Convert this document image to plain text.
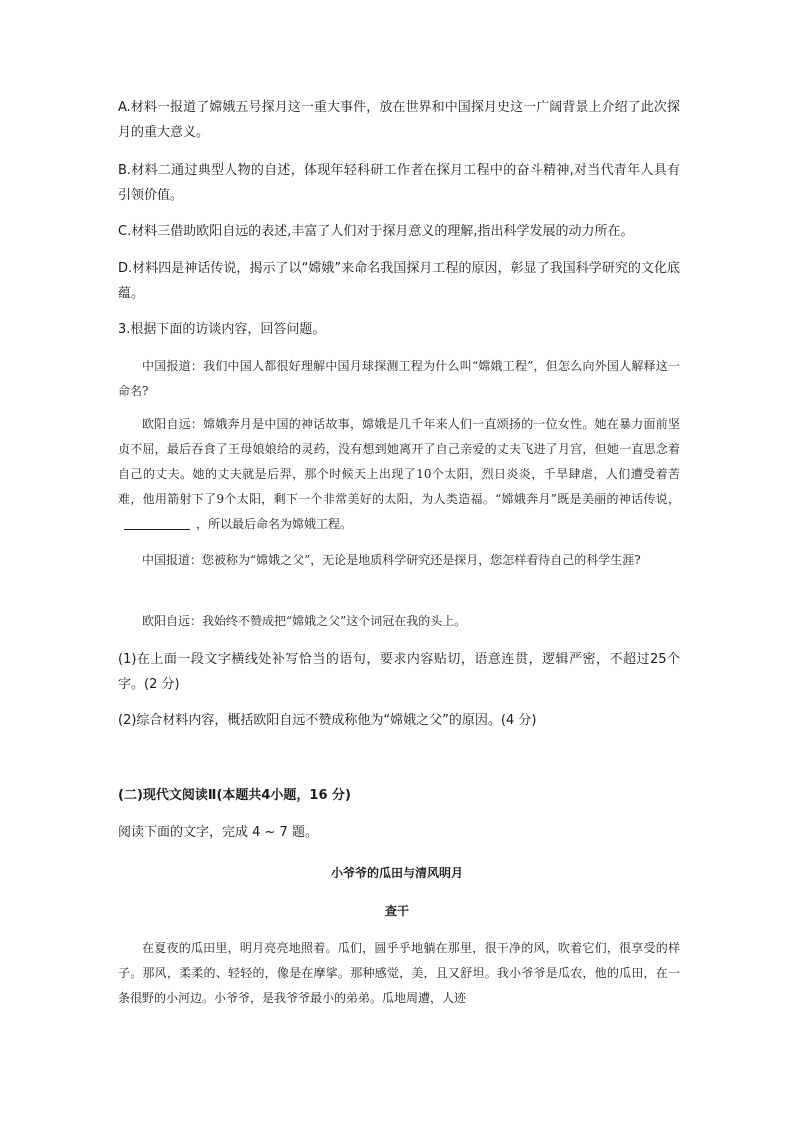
A.材料一报道了嫦娥五号探月这一重大事件，放在世界和中国探月史这一广阔背景上介绍了此次探月的重大意义。

B.材料二通过典型人物的自述，体现年轻科研工作者在探月工程中的奋斗精神,对当代青年人具有引领价值。

C.材料三借助欧阳自远的表述,丰富了人们对于探月意义的理解,指出科学发展的动力所在。

D.材料四是神话传说，揭示了以“嫦娥”来命名我国探月工程的原因，彰显了我国科学研究的文化底蕴。

3.根据下面的访谈内容，回答问题。

中国报道：我们中国人都很好理解中国月球探测工程为什么叫“嫦娥工程”，但怎么向外国人解释这一命名?

欧阳自远：嫦娥奔月是中国的神话故事，嫦娥是几千年来人们一直颂扬的一位女性。她在暴力面前坚贞不屈，最后吞食了王母娘娘给的灵药，没有想到她离开了自己亲爱的丈夫飞进了月宫，但她一直思念着自己的丈夫。她的丈夫就是后羿，那个时候天上出现了10个太阳，烈日炎炎，千旱肆虐，人们遭受着苦难，他用箭射下了9个太阳，剩下一个非常美好的太阳，为人类造福。“嫦娥奔月”既是美丽的神话传说，，所以最后命名为嫦娥工程。

中国报道：您被称为“嫦娥之父”，无论是地质科学研究还是探月，您怎样看待自己的科学生涯?

欧阳自远：我始终不赞成把“嫦娥之父”这个词冠在我的头上。

(1)在上面一段文字横线处补写恰当的语句，要求内容贴切，语意连贯，逻辑严密，不超过25个字。(2 分)

(2)综合材料内容，概括欧阳自远不赞成称他为“嫦娥之父”的原因。(4 分)

(二)现代文阅读Ⅱ(本题共4小题，16 分)

阅读下面的文字，完成 4 ~ 7 题。

小爷爷的瓜田与清风明月

查干

在夏夜的瓜田里，明月亮亮地照着。瓜们，圆乎乎地躺在那里，很干净的风，吹着它们，很享受的样子。那风，柔柔的、轻轻的，像是在摩挲。那种感觉，美，且又舒坦。我小爷爷是瓜农，他的瓜田，在一条很野的小河边。小爷爷，是我爷爷最小的弟弟。瓜地周遭，人迹
